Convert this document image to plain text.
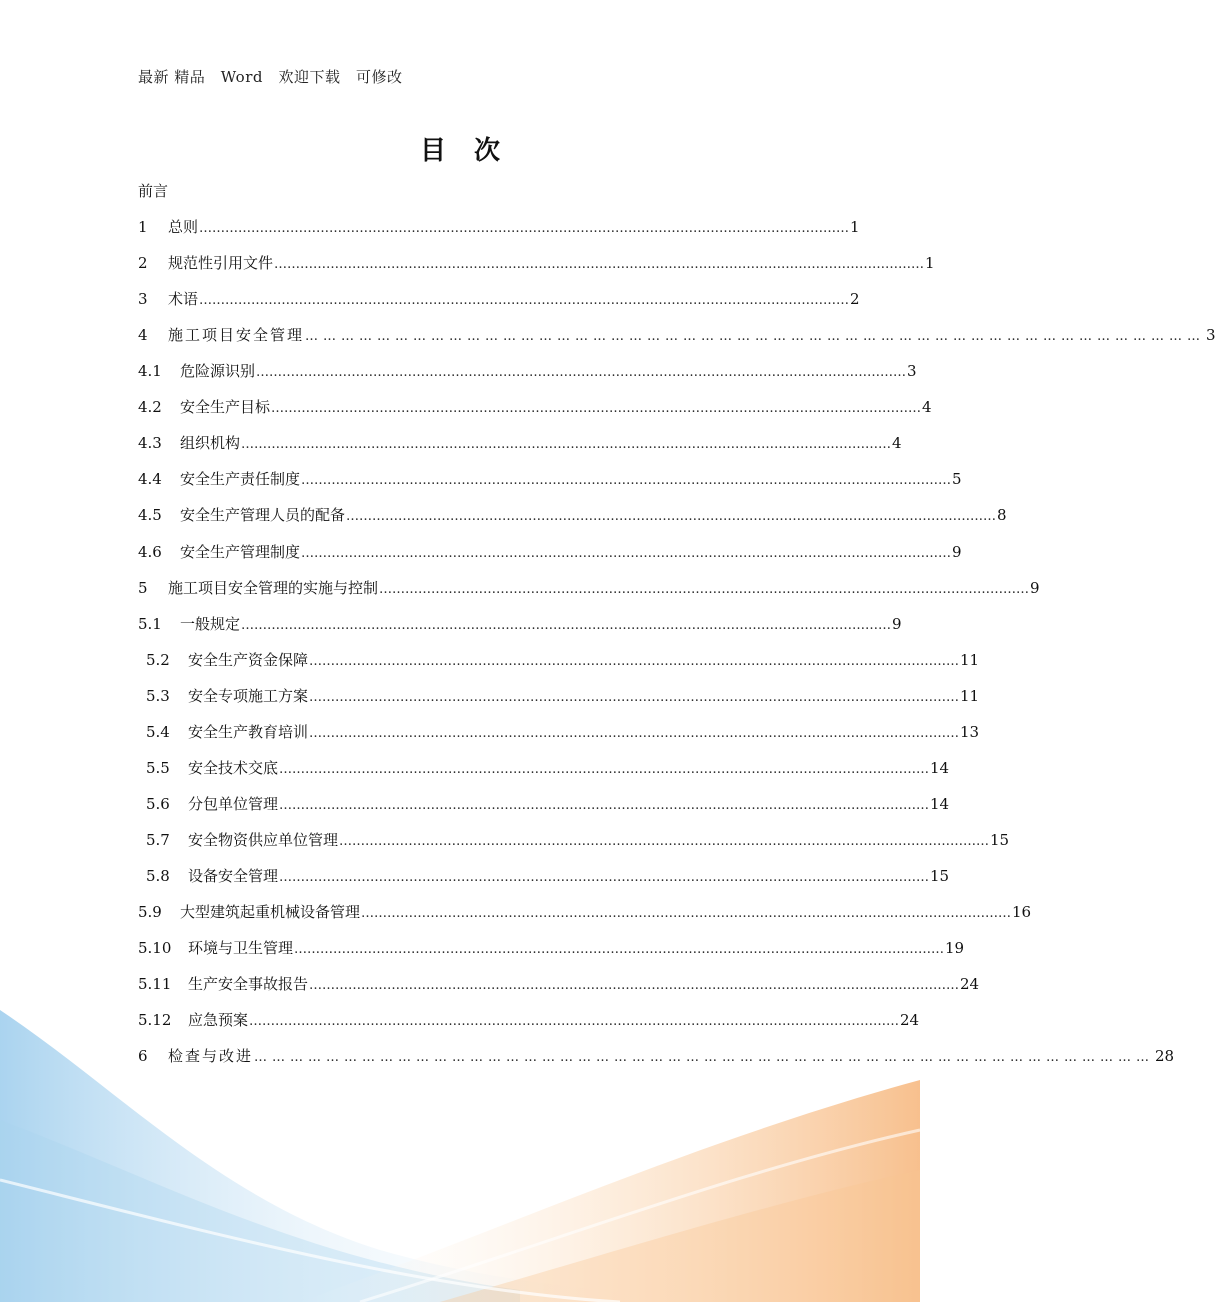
最新 精品　Word　欢迎下载　可修改
目次
前言
1	总则 …………………………………………………………………………………………………………………………………… 1
2	规范性引用文件 …………………………………………………………………………………………………………………………………… 1
3	术语 …………………………………………………………………………………………………………………………………… 2
4	施工项目安全管理 …………………………………………………………………………………………………………………………………… 3
4.1	危险源识别 …………………………………………………………………………………………………………………………………… 3
4.2	安全生产目标 …………………………………………………………………………………………………………………………………… 4
4.3	组织机构 …………………………………………………………………………………………………………………………………… 4
4.4	安全生产责任制度 …………………………………………………………………………………………………………………………………… 5
4.5	安全生产管理人员的配备 …………………………………………………………………………………………………………………………………… 8
4.6	安全生产管理制度 …………………………………………………………………………………………………………………………………… 9
5	施工项目安全管理的实施与控制 …………………………………………………………………………………………………………………………………… 9
5.1	一般规定 …………………………………………………………………………………………………………………………………… 9
5.2	安全生产资金保障 …………………………………………………………………………………………………………………………………… 11
5.3	安全专项施工方案 …………………………………………………………………………………………………………………………………… 11
5.4	安全生产教育培训 …………………………………………………………………………………………………………………………………… 13
5.5	安全技术交底 …………………………………………………………………………………………………………………………………… 14
5.6	分包单位管理 …………………………………………………………………………………………………………………………………… 14
5.7	安全物资供应单位管理 …………………………………………………………………………………………………………………………………… 15
5.8	设备安全管理 …………………………………………………………………………………………………………………………………… 15
5.9	大型建筑起重机械设备管理 …………………………………………………………………………………………………………………………………… 16
5.10	环境与卫生管理 …………………………………………………………………………………………………………………………………… 19
5.11	生产安全事故报告 …………………………………………………………………………………………………………………………………… 24
5.12	应急预案 …………………………………………………………………………………………………………………………………… 24
6	检查与改进 …………………………………………………………………………………………………………………………………… 28
